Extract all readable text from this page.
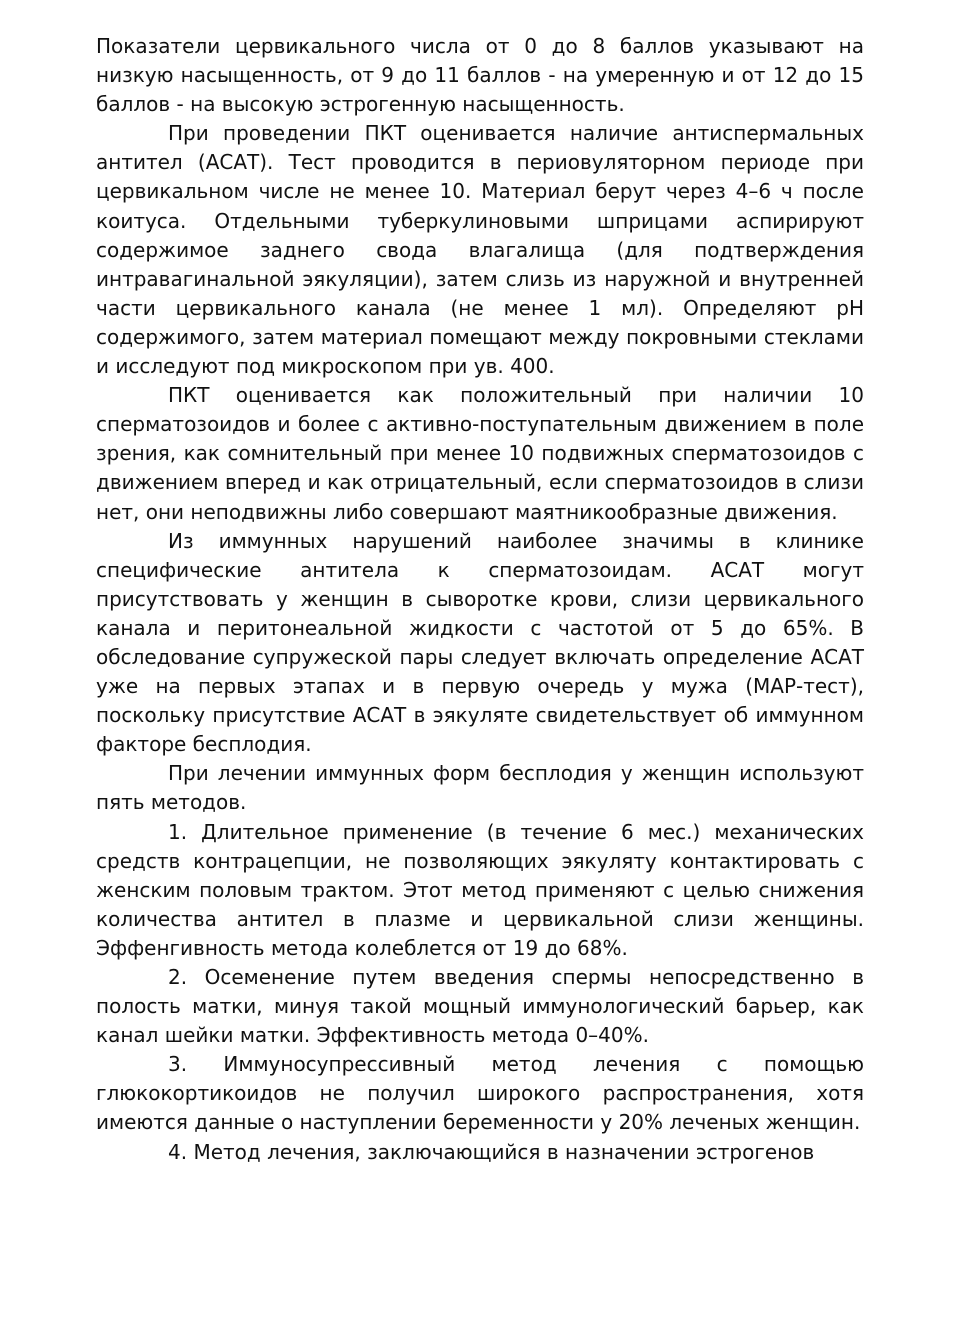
Показатели цервикального числа от 0 до 8 баллов указывают на низкую насыщенность, от 9 до 11 баллов - на умеренную и от 12 до 15 баллов - на высокую эстрогенную насыщенность.

При проведении ПКТ оценивается наличие антиспермальных антител (АСАТ). Тест проводится в периовуляторном периоде при цервикальном числе не менее 10. Материал берут через 4–6 ч после коитуса. Отдельными туберкулиновыми шприцами аспирируют содержимое заднего свода влагалища (для подтверждения интравагинальной эякуляции), затем слизь из наружной и внутренней части цервикального канала (не менее 1 мл). Определяют рН содержимого, затем материал помещают между покровными стеклами и исследуют под микроскопом при ув. 400.

ПКТ оценивается как положительный при наличии 10 сперматозоидов и более с активно-поступательным движением в поле зрения, как сомнительный при менее 10 подвижных сперматозоидов с движением вперед и как отрицательный, если сперматозоидов в слизи нет, они неподвижны либо совершают маятникообразные движения.

Из иммунных нарушений наиболее значимы в клинике специфические антитела к сперматозоидам. АСАТ могут присутствовать у женщин в сыворотке крови, слизи цервикального канала и перитонеальной жидкости с частотой от 5 до 65%. В обследование супружеской пары следует включать определение АСАТ уже на первых этапах и в первую очередь у мужа (МАР-тест), поскольку присутствие АСАТ в эякуляте свидетельствует об иммунном факторе бесплодия.

При лечении иммунных форм бесплодия у женщин используют пять методов.

1. Длительное применение (в течение 6 мес.) механических средств контрацепции, не позволяющих эякуляту контактировать с женским половым трактом. Этот метод применяют с целью снижения количества антител в плазме и цервикальной слизи женщины. Эффенгивность метода колеблется от 19 до 68%.

2. Осеменение путем введения спермы непосредственно в полость матки, минуя такой мощный иммунологический барьер, как канал шейки матки. Эффективность метода 0–40%.

3. Иммуносупрессивный метод лечения с помощью глюкокортикоидов не получил широкого распространения, хотя имеются данные о наступлении беременности у 20% леченых женщин.

4. Метод лечения, заключающийся в назначении эстрогенов
